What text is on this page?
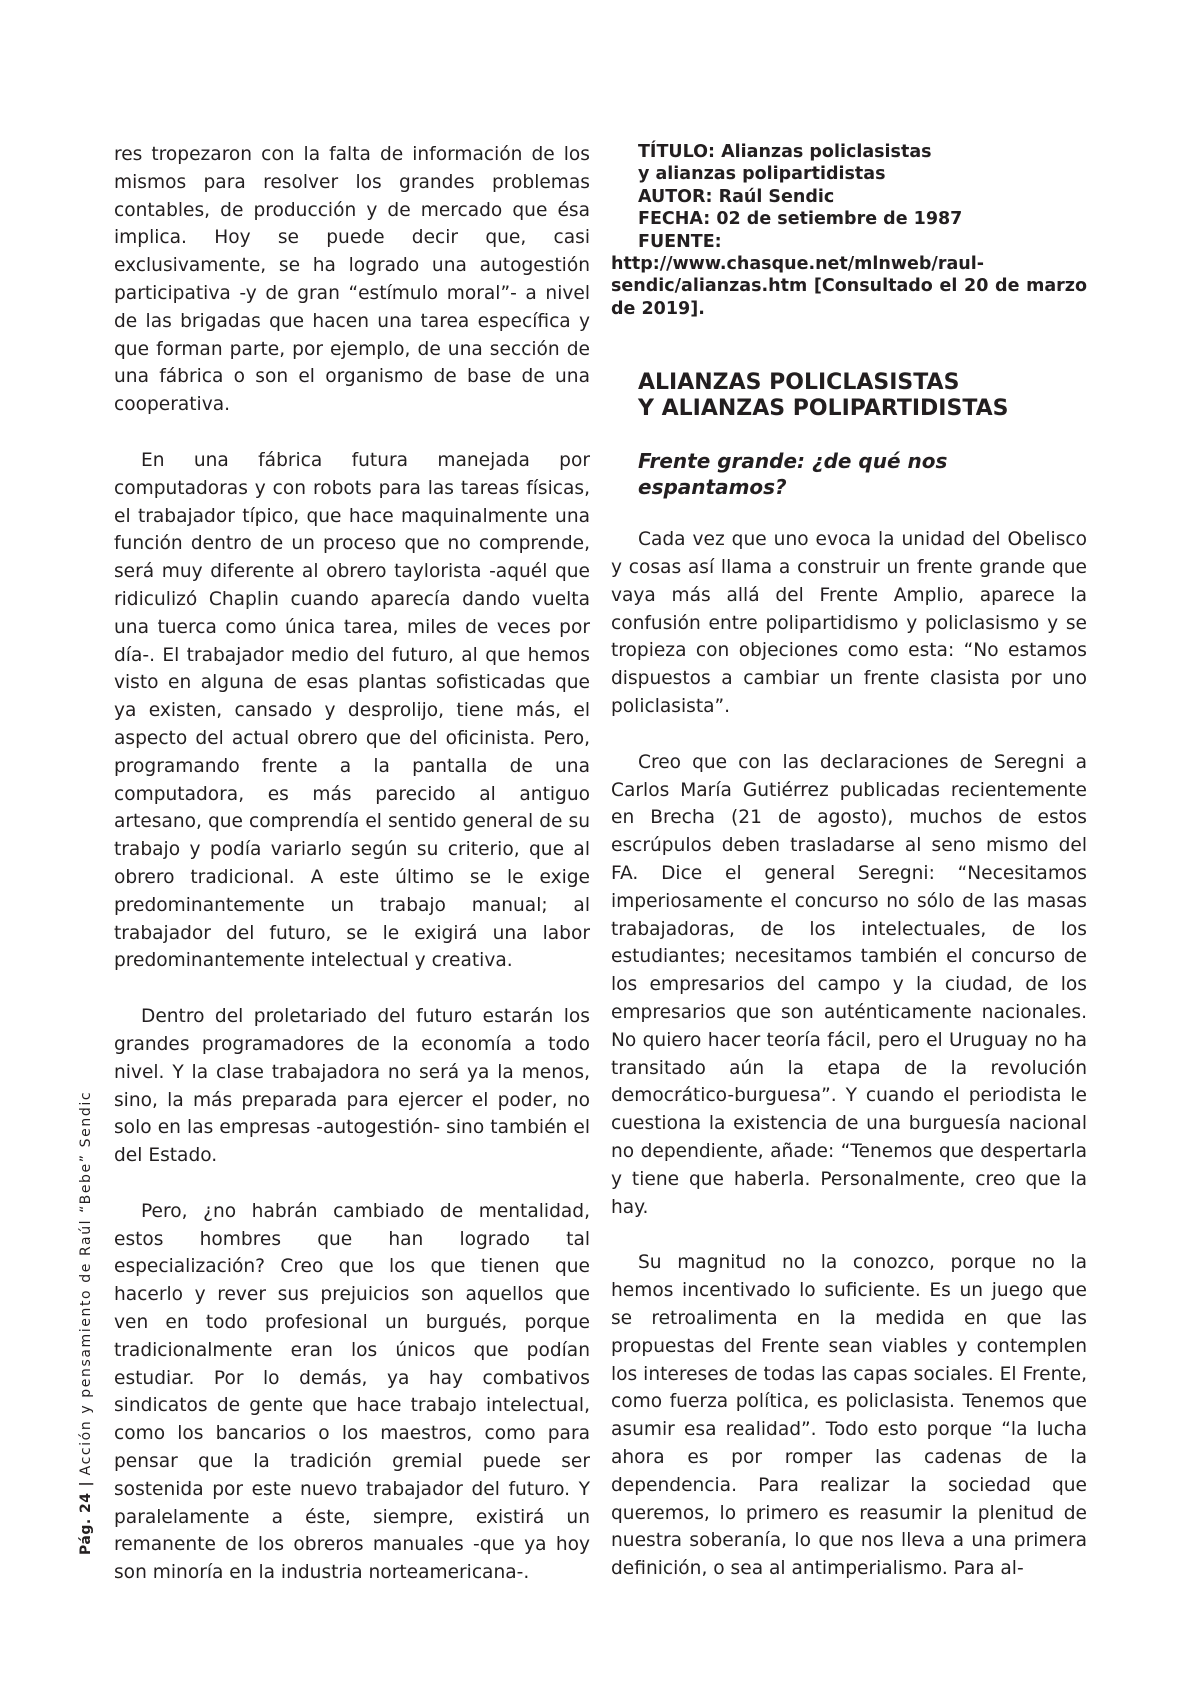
res tropezaron con la falta de información de los mismos para resolver los grandes problemas contables, de producción y de mercado que ésa implica. Hoy se puede decir que, casi exclusivamente, se ha logrado una autogestión participativa -y de gran “estímulo moral”- a nivel de las brigadas que hacen una tarea específica y que forman parte, por ejemplo, de una sección de una fábrica o son el organismo de base de una cooperativa.

En una fábrica futura manejada por computadoras y con robots para las tareas físicas, el trabajador típico, que hace maquinalmente una función dentro de un proceso que no comprende, será muy diferente al obrero taylorista -aquél que ridiculizó Chaplin cuando aparecía dando vuelta una tuerca como única tarea, miles de veces por día-. El trabajador medio del futuro, al que hemos visto en alguna de esas plantas sofisticadas que ya existen, cansado y desprolijo, tiene más, el aspecto del actual obrero que del oficinista. Pero, programando frente a la pantalla de una computadora, es más parecido al antiguo artesano, que comprendía el sentido general de su trabajo y podía variarlo según su criterio, que al obrero tradicional. A este último se le exige predominantemente un trabajo manual; al trabajador del futuro, se le exigirá una labor predominantemente intelectual y creativa.

Dentro del proletariado del futuro estarán los grandes programadores de la economía a todo nivel. Y la clase trabajadora no será ya la menos, sino, la más preparada para ejercer el poder, no solo en las empresas -autogestión- sino también el del Estado.

Pero, ¿no habrán cambiado de mentalidad, estos hombres que han logrado tal especialización? Creo que los que tienen que hacerlo y rever sus prejuicios son aquellos que ven en todo profesional un burgués, porque tradicionalmente eran los únicos que podían estudiar. Por lo demás, ya hay combativos sindicatos de gente que hace trabajo intelectual, como los bancarios o los maestros, como para pensar que la tradición gremial puede ser sostenida por este nuevo trabajador del futuro. Y paralelamente a éste, siempre, existirá un remanente de los obreros manuales -que ya hoy son minoría en la industria norteamericana-.

TÍTULO: Alianzas policlasistas
y alianzas polipartidistas
AUTOR: Raúl Sendic
FECHA: 02 de setiembre de 1987
FUENTE: http://www.chasque.net/mlnweb/raul-sendic/alianzas.htm [Consultado el 20 de marzo de 2019].
ALIANZAS POLICLASISTAS
Y ALIANZAS POLIPARTIDISTAS
Frente grande: ¿de qué nos espantamos?

Cada vez que uno evoca la unidad del Obelisco y cosas así llama a construir un frente grande que vaya más allá del Frente Amplio, aparece la confusión entre polipartidismo y policlasismo y se tropieza con objeciones como esta: “No estamos dispuestos a cambiar un frente clasista por uno policlasista”.

Creo que con las declaraciones de Seregni a Carlos María Gutiérrez publicadas recientemente en Brecha (21 de agosto), muchos de estos escrúpulos deben trasladarse al seno mismo del FA. Dice el general Seregni: “Necesitamos imperiosamente el concurso no sólo de las masas trabajadoras, de los intelectuales, de los estudiantes; necesitamos también el concurso de los empresarios del campo y la ciudad, de los empresarios que son auténticamente nacionales. No quiero hacer teoría fácil, pero el Uruguay no ha transitado aún la etapa de la revolución democrático-burguesa”. Y cuando el periodista le cuestiona la existencia de una burguesía nacional no dependiente, añade: “Tenemos que despertarla y tiene que haberla. Personalmente, creo que la hay.

Su magnitud no la conozco, porque no la hemos incentivado lo suficiente. Es un juego que se retroalimenta en la medida en que las propuestas del Frente sean viables y contemplen los intereses de todas las capas sociales. El Frente, como fuerza política, es policlasista. Tenemos que asumir esa realidad”. Todo esto porque “la lucha ahora es por romper las cadenas de la dependencia. Para realizar la sociedad que queremos, lo primero es reasumir la plenitud de nuestra soberanía, lo que nos lleva a una primera definición, o sea al antimperialismo. Para al-

Pág. 24|Acción y pensamiento de Raúl “Bebe” Sendic
